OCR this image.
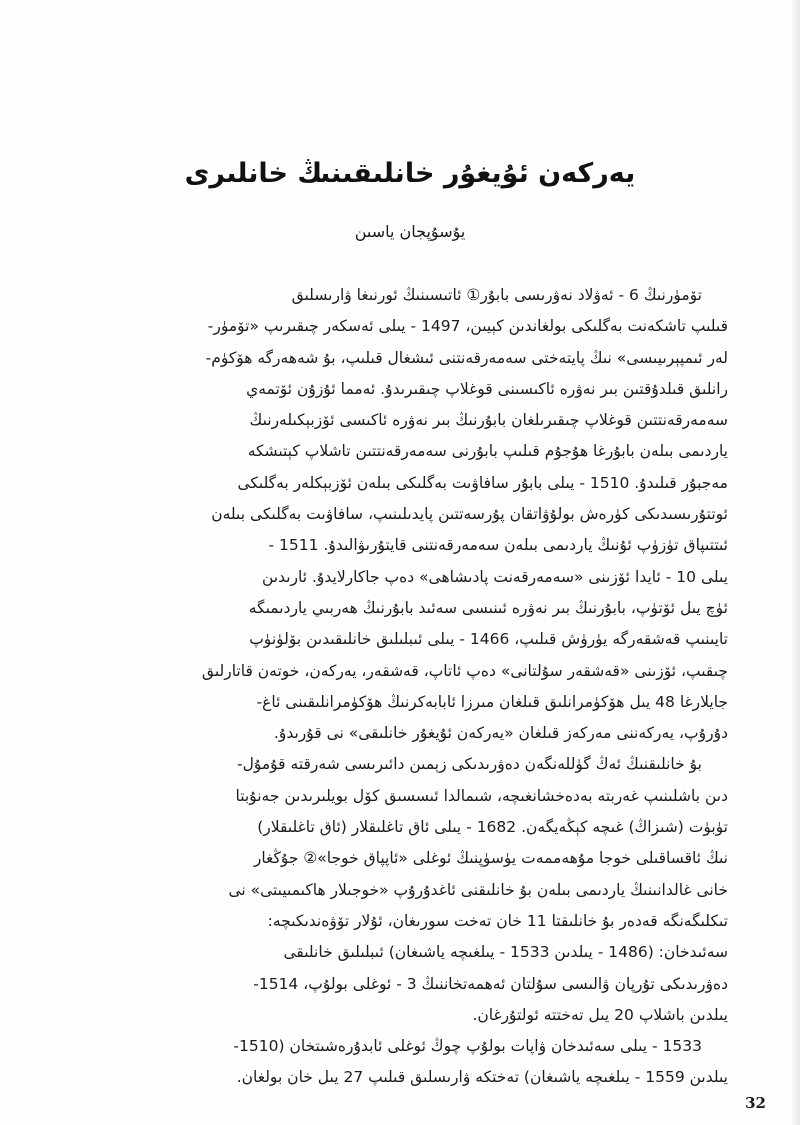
يەركەن ئۇيغۇر خانلىقىنىڭ خانلىرى
يۇسۇپجان ياسىن
تۆمۈرنىڭ 6 - ئەۋلاد نەۋرىسى بابۇر① ئاتىسىنىڭ ئورنىغا ۋارىسلىق
قىلىپ تاشكەنت بەگلىكى بولغاندىن كېيىن، 1497 - يىلى ئەسكەر چىقىرىپ «تۆمۈر-
لەر ئىمپېرىيىسى» نىڭ پايتەختى سەمەرقەنتنى ئىشغال قىلىپ، بۇ شەھەرگە ھۆكۈم-
رانلىق قىلدۇقتىن بىر نەۋرە ئاكىسىنى قوغلاپ چىقىرىدۇ. ئەمما ئۇزۇن ئۆتمەي
سەمەرقەنتتىن قوغلاپ چىقىرىلغان بابۇرنىڭ بىر نەۋرە ئاكىسى ئۆزبېكىلەرنىڭ
ياردىمى بىلەن بابۇرغا ھۇجۇم قىلىپ بابۇرنى سەمەرقەنتتىن تاشلاپ كېتىشكە
مەجبۇر قىلىدۇ. 1510 - يىلى بابۇر سافاۋىت بەگلىكى بىلەن ئۆزبېكلەر بەگلىكى
ئوتتۇرىسىدىكى كۈرەش بولۇۋاتقان پۇرسەتتىن پايدىلىنىپ، سافاۋىت بەگلىكى بىلەن
ئىتتىپاق تۈزۈپ ئۇنىڭ ياردىمى بىلەن سەمەرقەنتنى قايتۇرىۋالىدۇ. 1511 -
يىلى 10 - ئايدا ئۆزىنى «سەمەرقەنت پادىشاھى» دەپ جاكارلايدۇ. ئارىدىن
ئۈچ يىل ئۆتۈپ، بابۇرنىڭ بىر نەۋرە ئىنىسى سەئىد بابۇرنىڭ ھەربىي ياردىمىگە
تايىنىپ قەشقەرگە يۈرۈش قىلىپ، 1466 - يىلى ئىبلىلىق خانلىقىدىن بۆلۈنۈپ
چىقىپ، ئۆزىنى «قەشقەر سۇلتانى» دەپ ئاتاپ، قەشقەر، يەركەن، خوتەن قاتارلىق
جايلارغا 48 يىل ھۆكۈمرانلىق قىلغان مىرزا ئابابەكرنىڭ ھۆكۈمرانلىقىنى ئاغ-
دۇرۇپ، يەركەننى مەركەز قىلغان «يەركەن ئۇيغۇر خانلىقى» نى قۇرىدۇ.
بۇ خانلىقنىڭ ئەڭ گۈللەنگەن دەۋرىدىكى زېمىن دائىرىسى شەرقتە قۇمۇل-
دىن باشلىنىپ غەربتە بەدەخشانغىچە، شىمالدا ئىسسىق كۆل بويلىرىدىن جەنۇبتا
تۈبۈت (شىزاڭ) غىچە كېڭەيگەن. 1682 - يىلى ئاق تاغلىقلار (ئاق تاغلىقلار)
نىڭ ئاقساقىلى خوجا مۇھەممەت يۈسۈپنىڭ ئوغلى «ئاپپاق خوجا»② جۇڭغار
خانى غالدانىنىڭ ياردىمى بىلەن بۇ خانلىقنى ئاغدۇرۇپ «خوجىلار ھاكىمىيىتى» نى
تىكلىگەنگە قەدەر بۇ خانلىقتا 11 خان تەخت سورىغان، ئۇلار تۆۋەندىكىچە:
سەئىدخان: (1486 - يىلدىن 1533 - يىلغىچە ياشىغان) ئىبلىلىق خانلىقى
دەۋرىدىكى تۇرپان ۋالىسى سۇلتان ئەھمەتخاننىڭ 3 - ئوغلى بولۇپ، 1514-
يىلدىن باشلاپ 20 يىل تەختتە ئولتۇرغان.
1533 - يىلى سەئىدخان ۋاپات بولۇپ چوڭ ئوغلى ئابدۇرەشىتخان (1510-
يىلدىن 1559 - يىلغىچە ياشىغان) تەختكە ۋارىسلىق قىلىپ 27 يىل خان بولغان.
32
